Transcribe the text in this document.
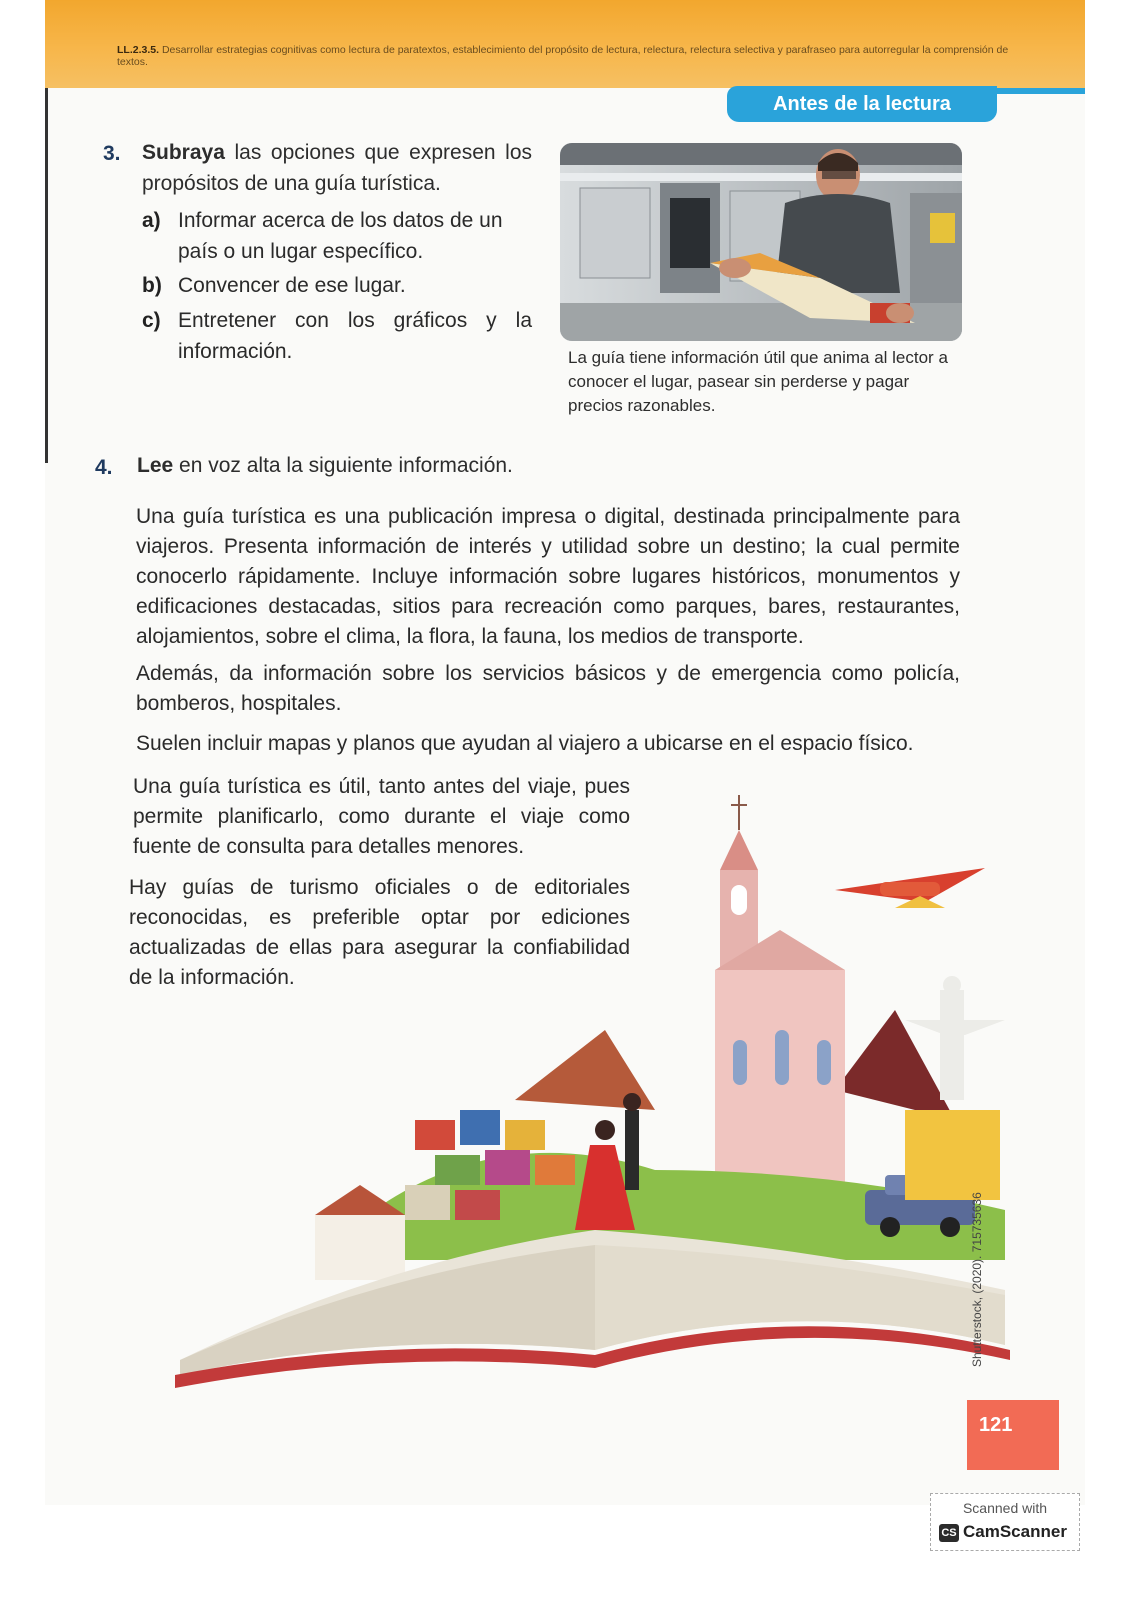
LL.2.3.5. Desarrollar estrategias cognitivas como lectura de paratextos, establecimiento del propósito de lectura, relectura, relectura selectiva y parafraseo para autorregular la comprensión de textos.
Antes de la lectura
3. Subraya las opciones que expresen los propósitos de una guía turística.
a) Informar acerca de los datos de un país o un lugar específico.
b) Convencer de ese lugar.
c) Entretener con los gráficos y la información.	La guía tiene información útil que anima al lector a conocer el lugar, pasear sin perderse y pagar precios razonables.
4. Lee en voz alta la siguiente información.
Una guía turística es una publicación impresa o digital, destinada principalmente para viajeros. Presenta información de interés y utilidad sobre un destino; la cual permite conocerlo rápidamente. Incluye información sobre lugares históricos, monumentos y edificaciones destacadas, sitios para recreación como parques, bares, restaurantes, alojamientos, sobre el clima, la flora, la fauna, los medios de transporte.
Además, da información sobre los servicios básicos y de emergencia como policía, bomberos, hospitales.
Suelen incluir mapas y planos que ayudan al viajero a ubicarse en el espacio físico.
Una guía turística es útil, tanto antes del viaje, pues permite planificarlo, como durante el viaje como fuente de consulta para detalles menores.
Hay guías de turismo oficiales o de editoriales reconocidas, es preferible optar por ediciones actualizadas de ellas para asegurar la confiabilidad de la información.
Shutterstock, (2020). 715735636
121
Scanned with
CS CamScanner
